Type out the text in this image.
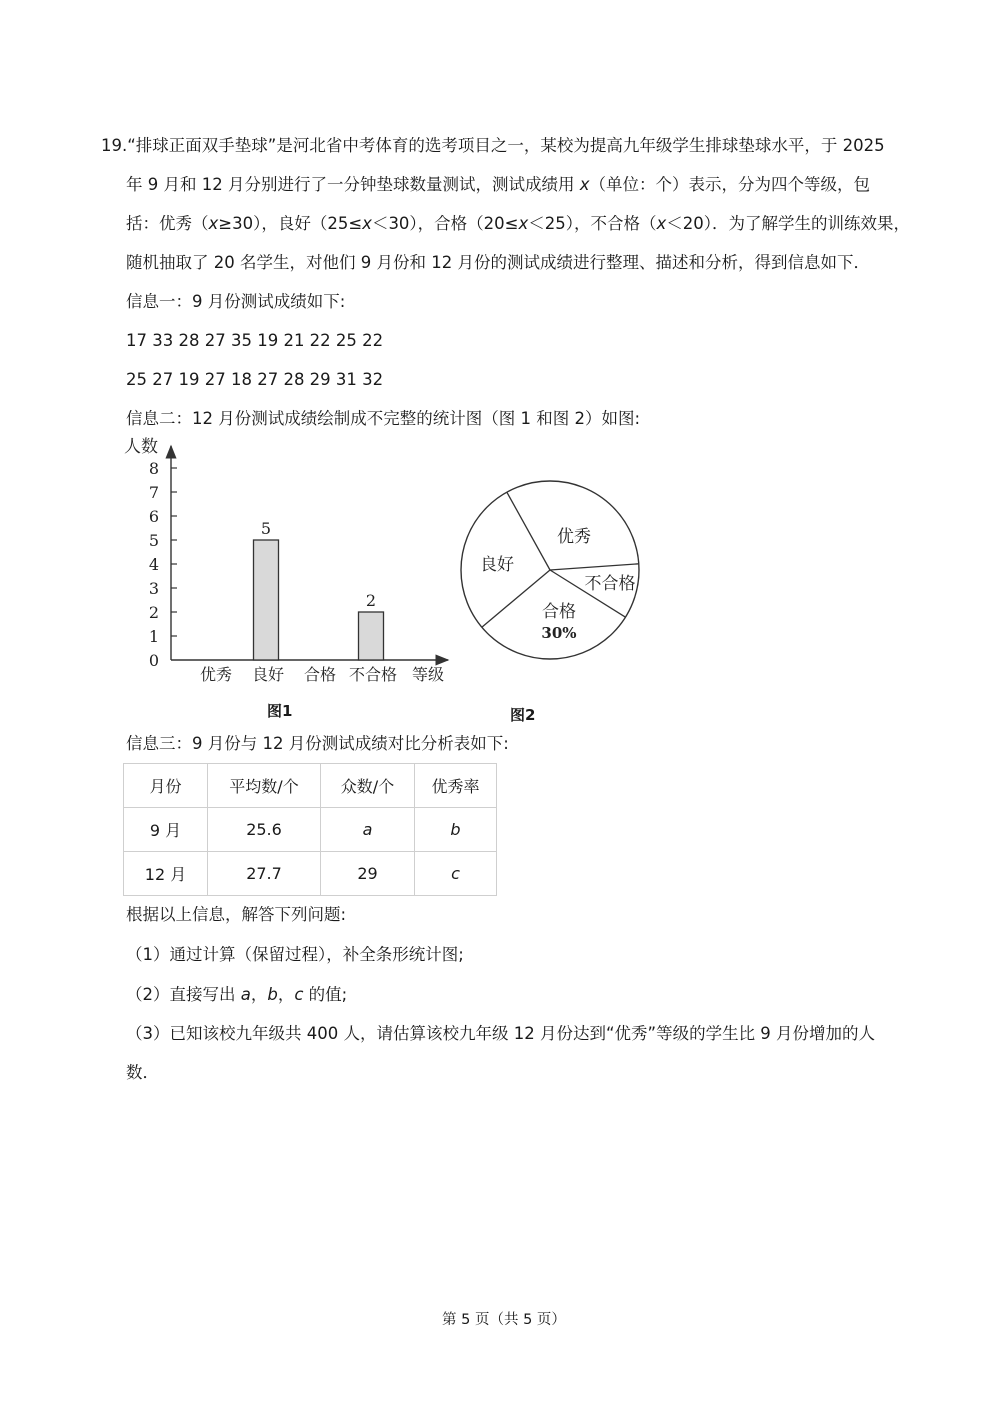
19.“排球正面双手垫球”是河北省中考体育的选考项目之一，某校为提高九年级学生排球垫球水平，于 2025
年 9 月和 12 月分别进行了一分钟垫球数量测试，测试成绩用 x（单位：个）表示，分为四个等级，包
括：优秀（x≥30），良好（25≤x＜30），合格（20≤x＜25），不合格（x＜20）．为了解学生的训练效果，
随机抽取了 20 名学生，对他们 9 月份和 12 月份的测试成绩进行整理、描述和分析，得到信息如下．
信息一：9 月份测试成绩如下:
17 33 28 27 35 19 21 22 25 22
25 27 19 27 18 27 28 29 31 32
信息二：12 月份测试成绩绘制成不完整的统计图（图 1 和图 2）如图:
0
1
2
3
4
5
6
7
8
人数
优秀 良好
5
合格 不合格
2
等级
图1
优秀
不合格
合格
30%
良好
图2
信息三：9 月份与 12 月份测试成绩对比分析表如下:
月份	平均数/个	众数/个	优秀率
9 月	25.6	a	b
12 月	27.7	29	c
根据以上信息，解答下列问题:
（1）通过计算（保留过程），补全条形统计图;
（2）直接写出 a，b，c 的值;
（3）已知该校九年级共 400 人，请估算该校九年级 12 月份达到“优秀”等级的学生比 9 月份增加的人
数．
第 5 页（共 5 页）
